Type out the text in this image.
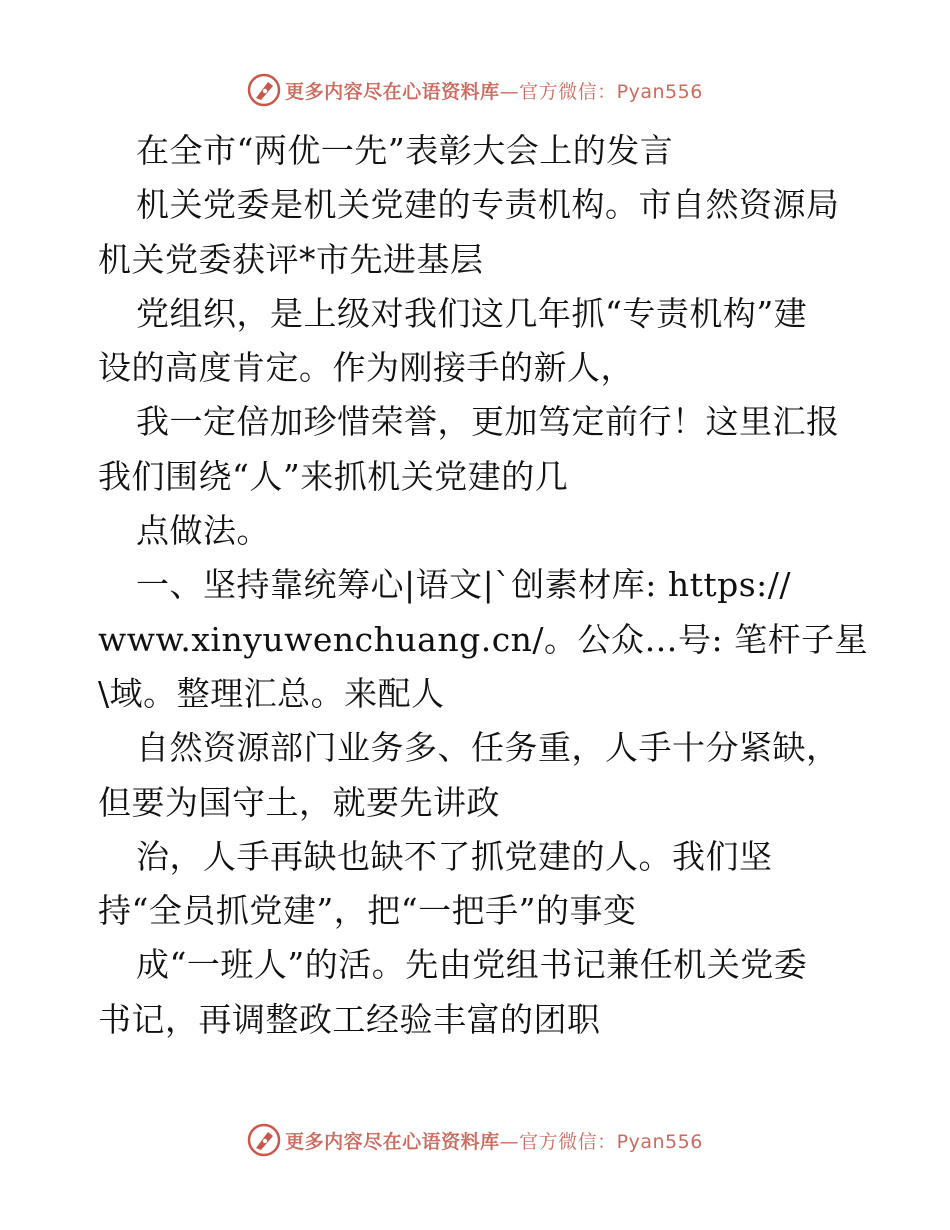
更多内容尽在心语资料库—官方微信：Pyan556
在全市“两优一先”表彰大会上的发言
机关党委是机关党建的专责机构。市自然资源局
机关党委获评*市先进基层
党组织，是上级对我们这几年抓“专责机构”建
设的高度肯定。作为刚接手的新人，
我一定倍加珍惜荣誉，更加笃定前行！这里汇报
我们围绕“人”来抓机关党建的几
点做法。
一、坚持靠统筹心|语文|`创素材库: https://
www.xinyuwenchuang.cn/。公众…号: 笔杆子星
\域。整理汇总。来配人
自然资源部门业务多、任务重，人手十分紧缺，
但要为国守土，就要先讲政
治，人手再缺也缺不了抓党建的人。我们坚
持“全员抓党建”，把“一把手”的事变
成“一班人”的活。先由党组书记兼任机关党委
书记，再调整政工经验丰富的团职
更多内容尽在心语资料库—官方微信：Pyan556
